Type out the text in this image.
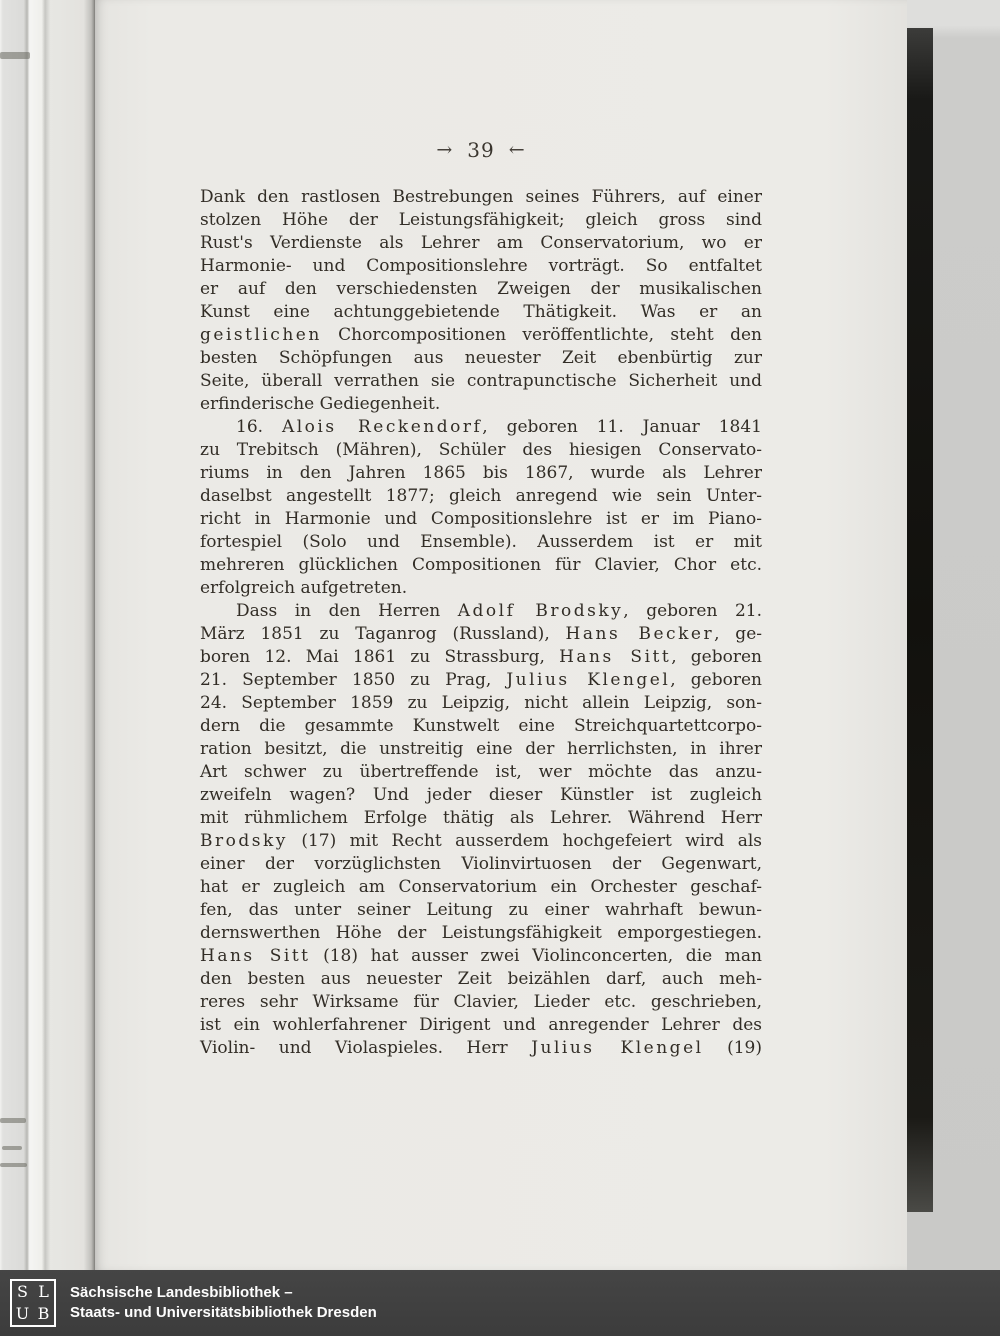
→ 39 ←
Dank den rastlosen Bestrebungen seines Führers, auf einer
stolzen Höhe der Leistungsfähigkeit; gleich gross sind
Rust's Verdienste als Lehrer am Conservatorium, wo er
Harmonie- und Compositionslehre vorträgt. So entfaltet
er auf den verschiedensten Zweigen der musikalischen
Kunst eine achtunggebietende Thätigkeit. Was er an
geistlichen Chorcompositionen veröffentlichte, steht den
besten Schöpfungen aus neuester Zeit ebenbürtig zur
Seite, überall verrathen sie contrapunctische Sicherheit und
erfinderische Gediegenheit.
16. Alois Reckendorf, geboren 11. Januar 1841
zu Trebitsch (Mähren), Schüler des hiesigen Conservato-
riums in den Jahren 1865 bis 1867, wurde als Lehrer
daselbst angestellt 1877; gleich anregend wie sein Unter-
richt in Harmonie und Compositionslehre ist er im Piano-
fortespiel (Solo und Ensemble). Ausserdem ist er mit
mehreren glücklichen Compositionen für Clavier, Chor etc.
erfolgreich aufgetreten.
Dass in den Herren Adolf Brodsky, geboren 21.
März 1851 zu Taganrog (Russland), Hans Becker, ge-
boren 12. Mai 1861 zu Strassburg, Hans Sitt, geboren
21. September 1850 zu Prag, Julius Klengel, geboren
24. September 1859 zu Leipzig, nicht allein Leipzig, son-
dern die gesammte Kunstwelt eine Streichquartettcorpo-
ration besitzt, die unstreitig eine der herrlichsten, in ihrer
Art schwer zu übertreffende ist, wer möchte das anzu-
zweifeln wagen? Und jeder dieser Künstler ist zugleich
mit rühmlichem Erfolge thätig als Lehrer. Während Herr
Brodsky (17) mit Recht ausserdem hochgefeiert wird als
einer der vorzüglichsten Violinvirtuosen der Gegenwart,
hat er zugleich am Conservatorium ein Orchester geschaf-
fen, das unter seiner Leitung zu einer wahrhaft bewun-
dernswerthen Höhe der Leistungsfähigkeit emporgestiegen.
Hans Sitt (18) hat ausser zwei Violinconcerten, die man
den besten aus neuester Zeit beizählen darf, auch meh-
reres sehr Wirksame für Clavier, Lieder etc. geschrieben,
ist ein wohlerfahrener Dirigent und anregender Lehrer des
Violin- und Violaspieles. Herr Julius Klengel (19)
S L
U B
Sächsische Landesbibliothek –
Staats- und Universitätsbibliothek Dresden
